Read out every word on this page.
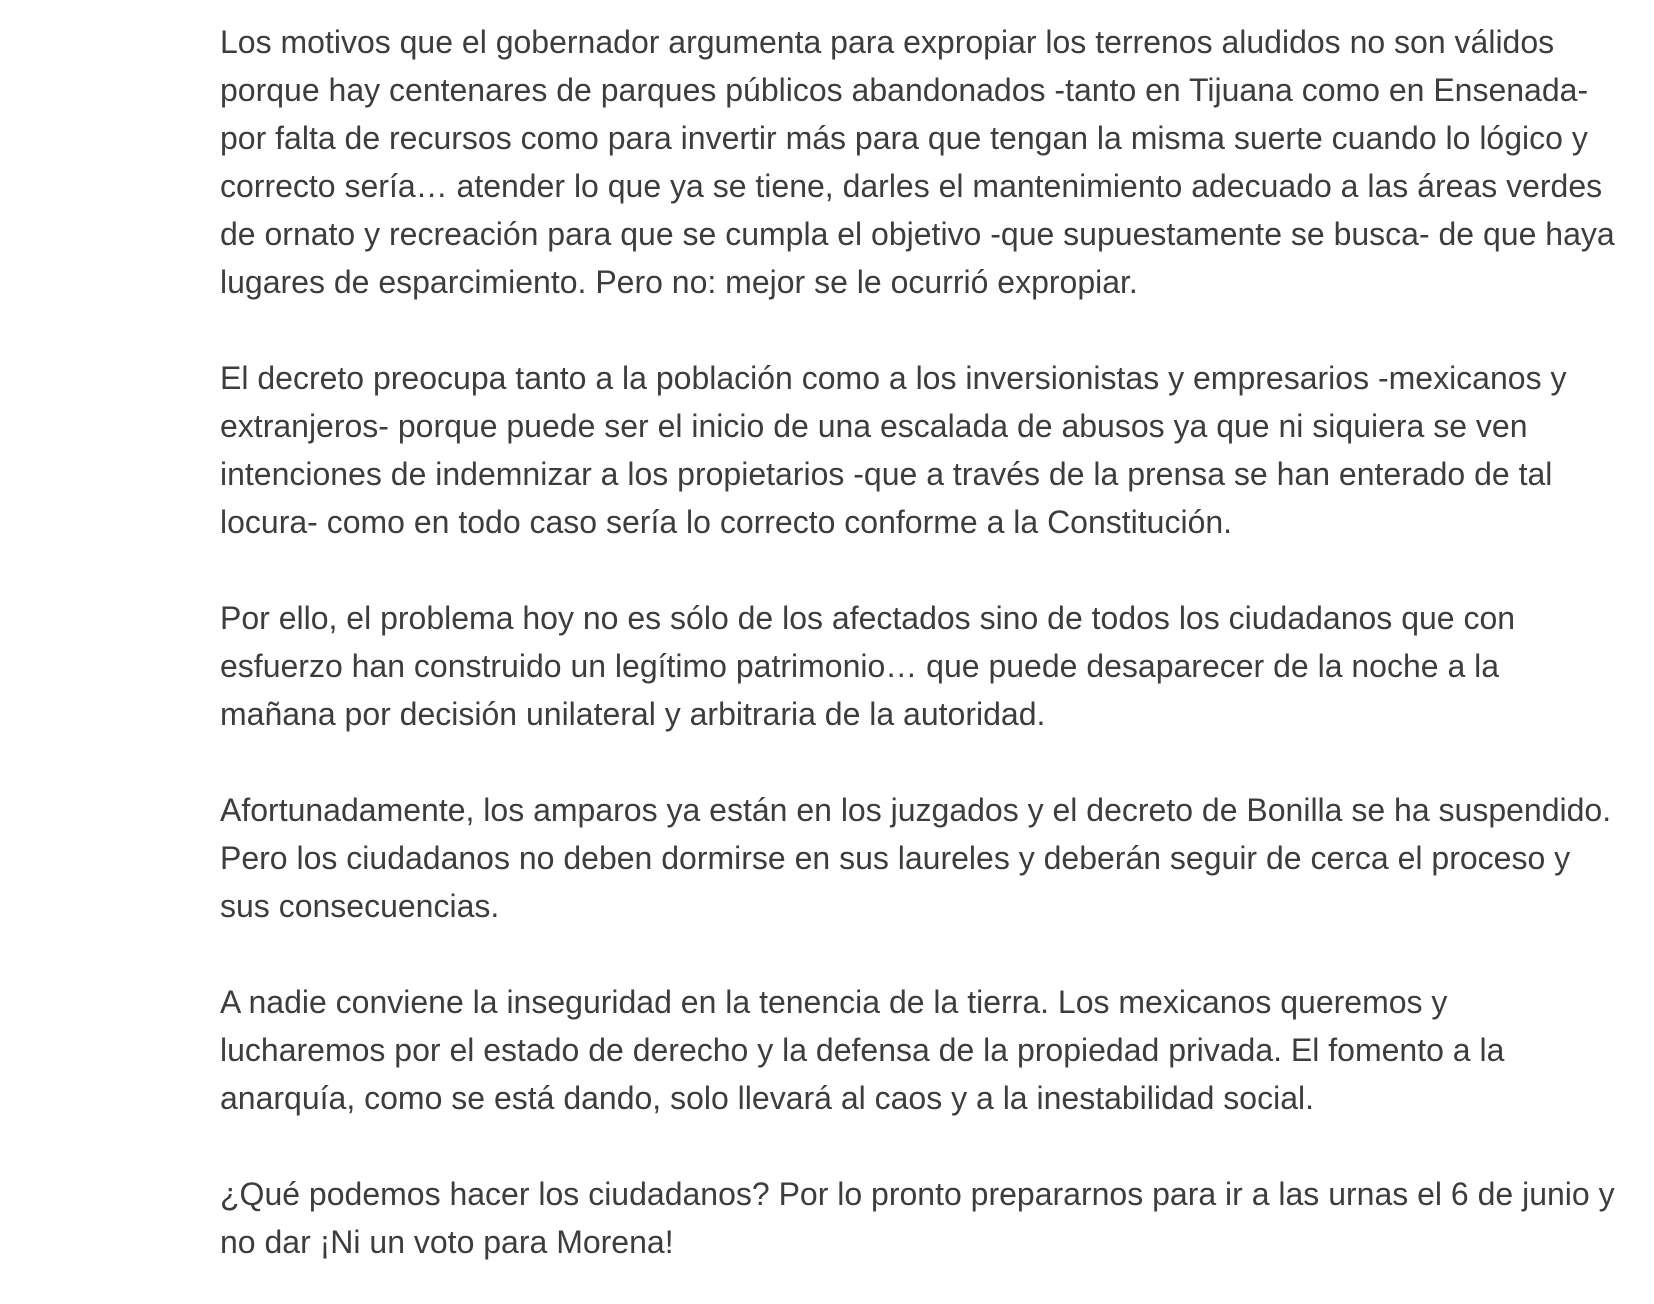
Los motivos que el gobernador argumenta para expropiar los terrenos aludidos no son válidos porque hay centenares de parques públicos abandonados -tanto en Tijuana como en Ensenada- por falta de recursos como para invertir más para que tengan la misma suerte cuando lo lógico y correcto sería… atender lo que ya se tiene, darles el mantenimiento adecuado a las áreas verdes de ornato y recreación para que se cumpla el objetivo -que supuestamente se busca- de que haya lugares de esparcimiento. Pero no: mejor se le ocurrió expropiar.

El decreto preocupa tanto a la población como a los inversionistas y empresarios -mexicanos y extranjeros- porque puede ser el inicio de una escalada de abusos ya que ni siquiera se ven intenciones de indemnizar a los propietarios -que a través de la prensa se han enterado de tal locura- como en todo caso sería lo correcto conforme a la Constitución.

Por ello, el problema hoy no es sólo de los afectados sino de todos los ciudadanos que con esfuerzo han construido un legítimo patrimonio… que puede desaparecer de la noche a la mañana por decisión unilateral y arbitraria de la autoridad.

Afortunadamente, los amparos ya están en los juzgados y el decreto de Bonilla se ha suspendido. Pero los ciudadanos no deben dormirse en sus laureles y deberán seguir de cerca el proceso y sus consecuencias.

A nadie conviene la inseguridad en la tenencia de la tierra. Los mexicanos queremos y lucharemos por el estado de derecho y la defensa de la propiedad privada. El fomento a la anarquía, como se está dando, solo llevará al caos y a la inestabilidad social.

¿Qué podemos hacer los ciudadanos? Por lo pronto prepararnos para ir a las urnas el 6 de junio y no dar ¡Ni un voto para Morena!
